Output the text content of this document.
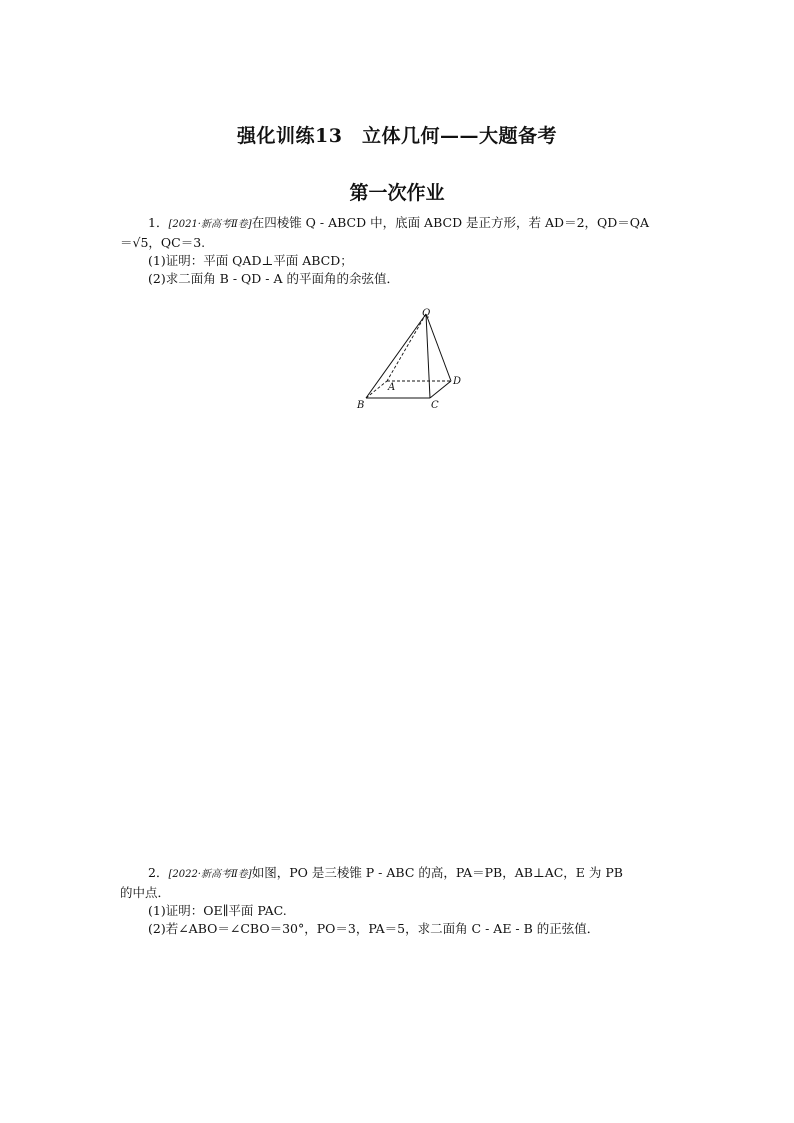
强化训练13　立体几何——大题备考
第一次作业
1．[2021·新高考Ⅱ卷]在四棱锥 Q - ABCD 中，底面 ABCD 是正方形，若 AD＝2，QD＝QA
＝√5，QC＝3.
(1)证明：平面 QAD⊥平面 ABCD；
(2)求二面角 B - QD - A 的平面角的余弦值．
Q
A
B	C
D
2．[2022·新高考Ⅱ卷]如图，PO 是三棱锥 P - ABC 的高，PA＝PB，AB⊥AC，E 为 PB
的中点．
(1)证明：OE∥平面 PAC.
(2)若∠ABO＝∠CBO＝30°，PO＝3，PA＝5，求二面角 C - AE - B 的正弦值．
